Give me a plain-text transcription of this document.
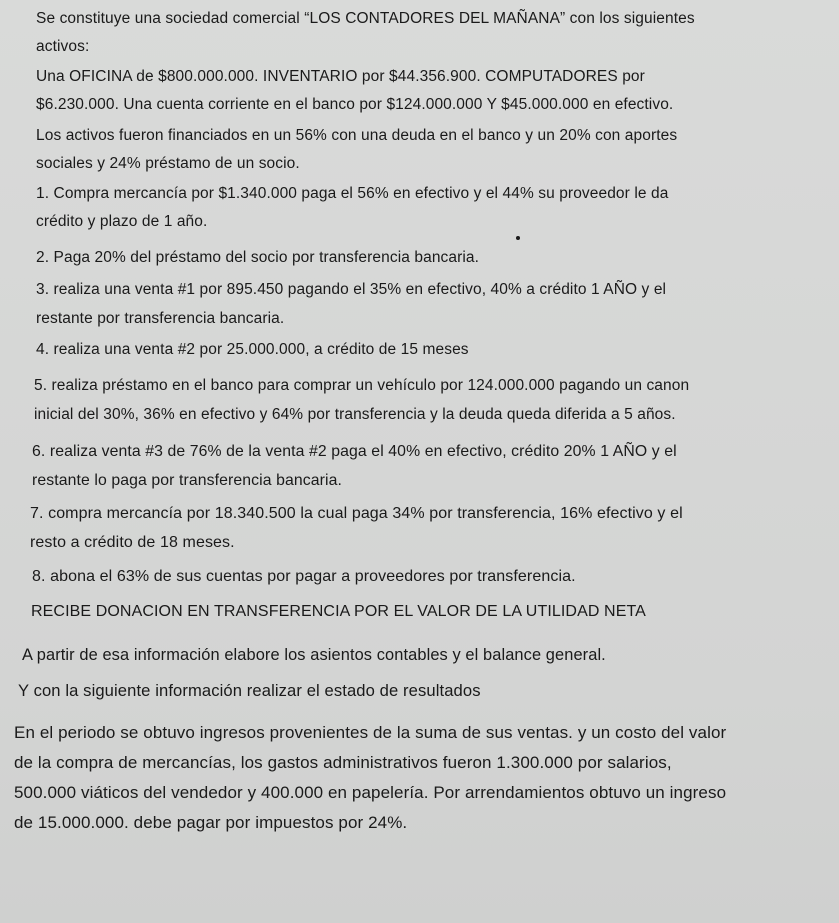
Se constituye una sociedad comercial “LOS CONTADORES DEL MAÑANA” con los siguientes
activos:

Una OFICINA de $800.000.000. INVENTARIO por $44.356.900. COMPUTADORES por
$6.230.000. Una cuenta corriente en el banco por $124.000.000 Y $45.000.000 en efectivo.

Los activos fueron financiados en un 56% con una deuda en el banco y un 20% con aportes
sociales y 24% préstamo de un socio.

1. Compra mercancía por $1.340.000 paga el 56% en efectivo y el 44% su proveedor le da
crédito y plazo de 1 año.

2. Paga 20% del préstamo del socio por transferencia bancaria.

3. realiza una venta #1 por 895.450 pagando el 35% en efectivo, 40% a crédito 1 AÑO y el
restante por transferencia bancaria.

4. realiza una venta #2 por 25.000.000, a crédito de 15 meses

5. realiza préstamo en el banco para comprar un vehículo por 124.000.000 pagando un canon
inicial del 30%, 36% en efectivo y 64% por transferencia y la deuda queda diferida a 5 años.

6. realiza venta #3 de 76% de la venta #2 paga el 40% en efectivo, crédito 20% 1 AÑO y el
restante lo paga por transferencia bancaria.

7. compra mercancía por 18.340.500 la cual paga 34% por transferencia, 16% efectivo y el
resto a crédito de 18 meses.

8. abona el 63% de sus cuentas por pagar a proveedores por transferencia.

RECIBE DONACION EN TRANSFERENCIA POR EL VALOR DE LA UTILIDAD NETA

A partir de esa información elabore los asientos contables y el balance general.

Y con la siguiente información realizar el estado de resultados

En el periodo se obtuvo ingresos provenientes de la suma de sus ventas. y un costo del valor
de la compra de mercancías, los gastos administrativos fueron 1.300.000 por salarios,
500.000 viáticos del vendedor y 400.000 en papelería. Por arrendamientos obtuvo un ingreso
de 15.000.000. debe pagar por impuestos por 24%.
